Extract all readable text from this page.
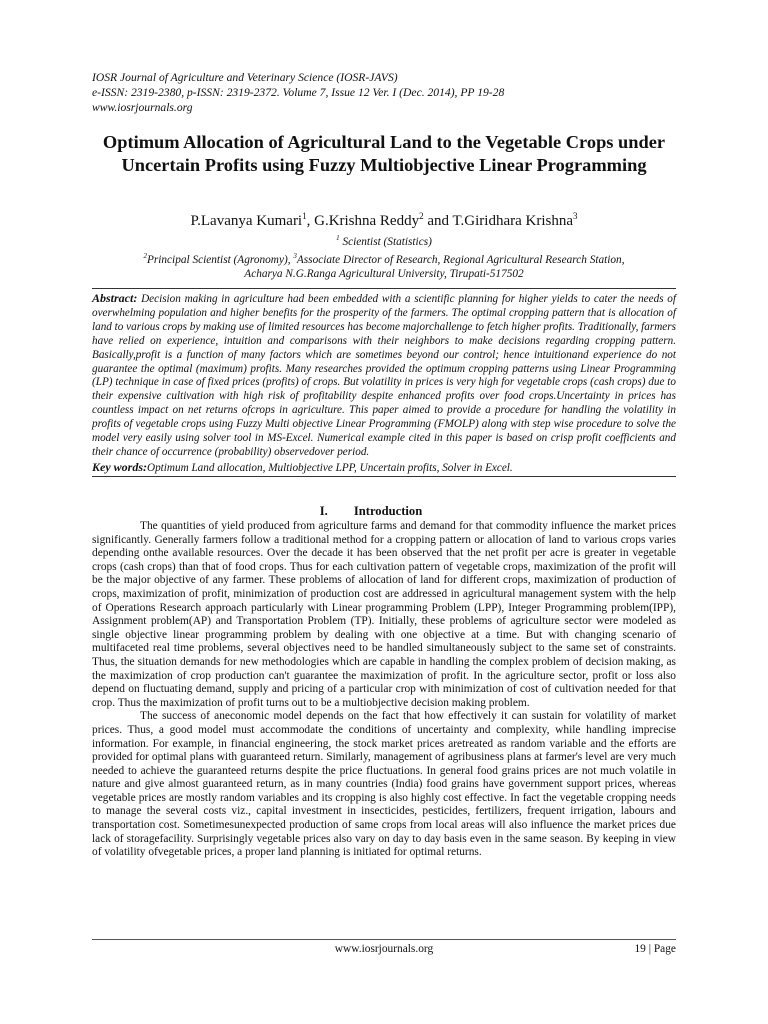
IOSR Journal of Agriculture and Veterinary Science (IOSR-JAVS)
e-ISSN: 2319-2380, p-ISSN: 2319-2372. Volume 7, Issue 12 Ver. I (Dec. 2014), PP 19-28
www.iosrjournals.org
Optimum Allocation of Agricultural Land to the Vegetable Crops under Uncertain Profits using Fuzzy Multiobjective Linear Programming
P.Lavanya Kumari$^1$, G.Krishna Reddy$^2$ and T.Giridhara Krishna$^3$
$^1$ Scientist (Statistics)
$^2$Principal Scientist (Agronomy), $^3$Associate Director of Research, Regional Agricultural Research Station,
Acharya N.G.Ranga Agricultural University, Tirupati-517502

Abstract: Decision making in agriculture had been embedded with a scientific planning for higher yields to cater the needs of overwhelming population and higher benefits for the prosperity of the farmers. The optimal cropping pattern that is allocation of land to various crops by making use of limited resources has become majorchallenge to fetch higher profits. Traditionally, farmers have relied on experience, intuition and comparisons with their neighbors to make decisions regarding cropping pattern. Basically,profit is a function of many factors which are sometimes beyond our control; hence intuitionand experience do not guarantee the optimal (maximum) profits. Many researches provided the optimum cropping patterns using Linear Programming (LP) technique in case of fixed prices (profits) of crops. But volatility in prices is very high for vegetable crops (cash crops) due to their expensive cultivation with high risk of profitability despite enhanced profits over food crops.Uncertainty in prices has countless impact on net returns ofcrops in agriculture. This paper aimed to provide a procedure for handling the volatility in profits of vegetable crops using Fuzzy Multi objective Linear Programming (FMOLP) along with step wise procedure to solve the model very easily using solver tool in MS-Excel. Numerical example cited in this paper is based on crisp profit coefficients and their chance of occurrence (probability) observedover period.

Key words:Optimum Land allocation, Multiobjective LPP, Uncertain profits, Solver in Excel.

I. Introduction

The quantities of yield produced from agriculture farms and demand for that commodity influence the market prices significantly. Generally farmers follow a traditional method for a cropping pattern or allocation of land to various crops varies depending onthe available resources. Over the decade it has been observed that the net profit per acre is greater in vegetable crops (cash crops) than that of food crops. Thus for each cultivation pattern of vegetable crops, maximization of the profit will be the major objective of any farmer. These problems of allocation of land for different crops, maximization of production of crops, maximization of profit, minimization of production cost are addressed in agricultural management system with the help of Operations Research approach particularly with Linear programming Problem (LPP), Integer Programming problem(IPP), Assignment problem(AP) and Transportation Problem (TP). Initially, these problems of agriculture sector were modeled as single objective linear programming problem by dealing with one objective at a time. But with changing scenario of multifaceted real time problems, several objectives need to be handled simultaneously subject to the same set of constraints. Thus, the situation demands for new methodologies which are capable in handling the complex problem of decision making, as the maximization of crop production can't guarantee the maximization of profit. In the agriculture sector, profit or loss also depend on fluctuating demand, supply and pricing of a particular crop with minimization of cost of cultivation needed for that crop. Thus the maximization of profit turns out to be a multiobjective decision making problem.

The success of aneconomic model depends on the fact that how effectively it can sustain for volatility of market prices. Thus, a good model must accommodate the conditions of uncertainty and complexity, while handling imprecise information. For example, in financial engineering, the stock market prices aretreated as random variable and the efforts are provided for optimal plans with guaranteed return. Similarly, management of agribusiness plans at farmer's level are very much needed to achieve the guaranteed returns despite the price fluctuations. In general food grains prices are not much volatile in nature and give almost guaranteed return, as in many countries (India) food grains have government support prices, whereas vegetable prices are mostly random variables and its cropping is also highly cost effective. In fact the vegetable cropping needs to manage the several costs viz., capital investment in insecticides, pesticides, fertilizers, frequent irrigation, labours and transportation cost. Sometimesunexpected production of same crops from local areas will also influence the market prices due lack of storagefacility. Surprisingly vegetable prices also vary on day to day basis even in the same season. By keeping in view of volatility ofvegetable prices, a proper land planning is initiated for optimal returns.

www.iosrjournals.org	19 | Page
